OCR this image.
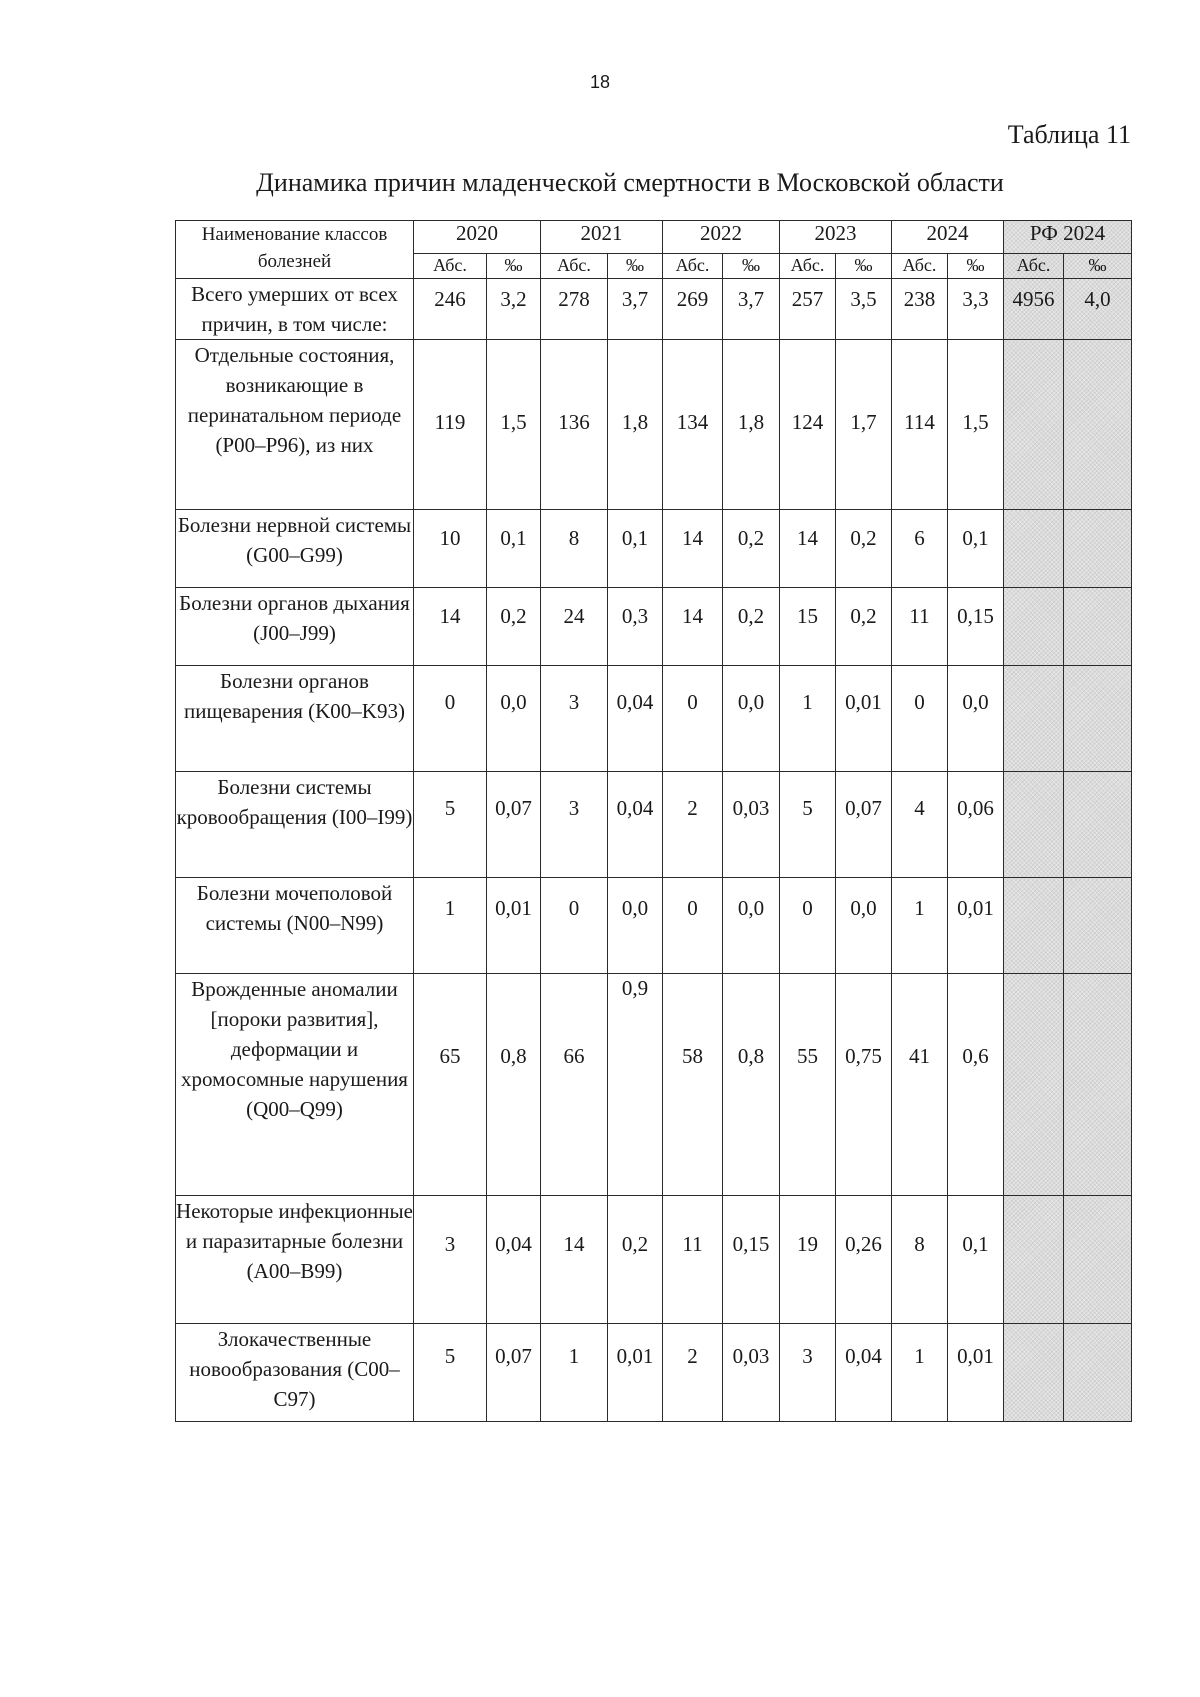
18
Таблица 11
Динамика причин младенческой смертности в Московской области
Наименование классов болезней	2020		2021		2022		2023		2024		РФ 2024	
	Абс.	‰	Абс.	‰	Абс.	‰	Абс.	‰	Абс.	‰	Абс.	‰
Всего умерших от всех причин, в том числе:	246	3,2	278	3,7	269	3,7	257	3,5	238	3,3	4956	4,0
Отдельные состояния, возникающие в перинатальном периоде (P00–P96), из них	119	1,5	136	1,8	134	1,8	124	1,7	114	1,5		
Болезни нервной системы (G00–G99)	10	0,1	8	0,1	14	0,2	14	0,2	6	0,1		
Болезни органов дыхания (J00–J99)	14	0,2	24	0,3	14	0,2	15	0,2	11	0,15		
Болезни органов пищеварения (K00–K93)	0	0,0	3	0,04	0	0,0	1	0,01	0	0,0		
Болезни системы кровообращения (I00–I99)	5	0,07	3	0,04	2	0,03	5	0,07	4	0,06		
Болезни мочеполовой системы (N00–N99)	1	0,01	0	0,0	0	0,0	0	0,0	1	0,01		
Врожденные аномалии [пороки развития], деформации и хромосомные нарушения (Q00–Q99)	65	0,8	66	0,9	58	0,8	55	0,75	41	0,6		
Некоторые инфекционные и паразитарные болезни (A00–B99)	3	0,04	14	0,2	11	0,15	19	0,26	8	0,1		
Злокачественные новообразования (C00–C97)	5	0,07	1	0,01	2	0,03	3	0,04	1	0,01		
